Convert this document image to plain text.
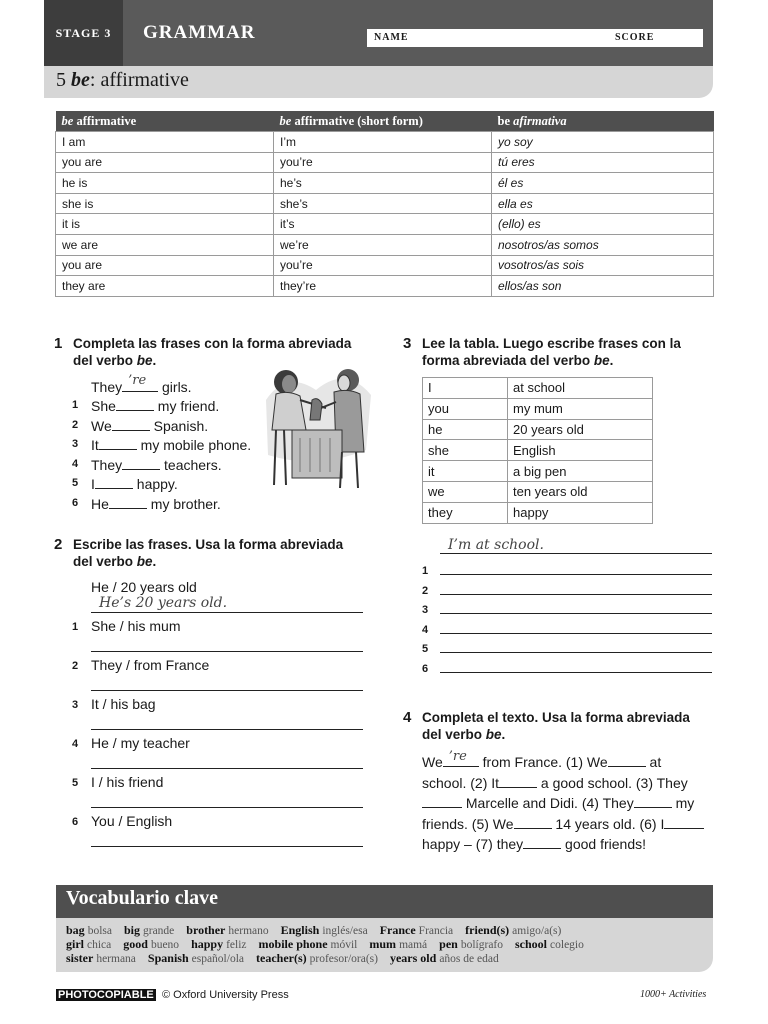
STAGE 3	GRAMMAR	NAME	SCORE
5 be: affirmative
be affirmative	be affirmative (short form)	be afirmativa
I am	I’m	yo soy
you are	you’re	tú eres
he is	he’s	él es
she is	she’s	ella es
it is	it’s	(ello) es
we are	we’re	nosotros/as somos
you are	you’re	vosotros/as sois
they are	they’re	ellos/as son
1 Completa las frases con la forma abreviada
del verbo be.
They ’re girls.
1 She	my friend.
2 We	Spanish.
3 It	my mobile phone.
4 They	teachers.
5 I	happy.
6 He	my brother.
2 Escribe las frases. Usa la forma abreviada
del verbo be.
He / 20 years old
He’s 20 years old.
1 She / his mum
2 They / from France
3 It / his bag
4 He / my teacher
5 I / his friend
6 You / English
3 Lee la tabla. Luego escribe frases con la
forma abreviada del verbo be.
I	at school
you	my mum
he	20 years old
she	English
it	a big pen
we	ten years old
they	happy
I’m at school.
1
2
3
4
5
6
4 Completa el texto. Usa la forma abreviada
del verbo be.
We ’re from France. (1) We	at
school. (2) It	a good school. (3) They
Marcelle and Didi. (4) They	my
friends. (5) We	14 years old. (6) I
happy – (7) they	good friends!
Vocabulario clave
bag bolsa big grande brother hermano English inglés/esa France Francia friend(s) amigo/a(s)
girl chica good bueno happy feliz mobile phone móvil mum mamá pen bolígrafo school colegio
sister hermana Spanish español/ola teacher(s) profesor/ora(s) years old años de edad
PHOTOCOPIABLE © Oxford University Press	1000+ Activities
